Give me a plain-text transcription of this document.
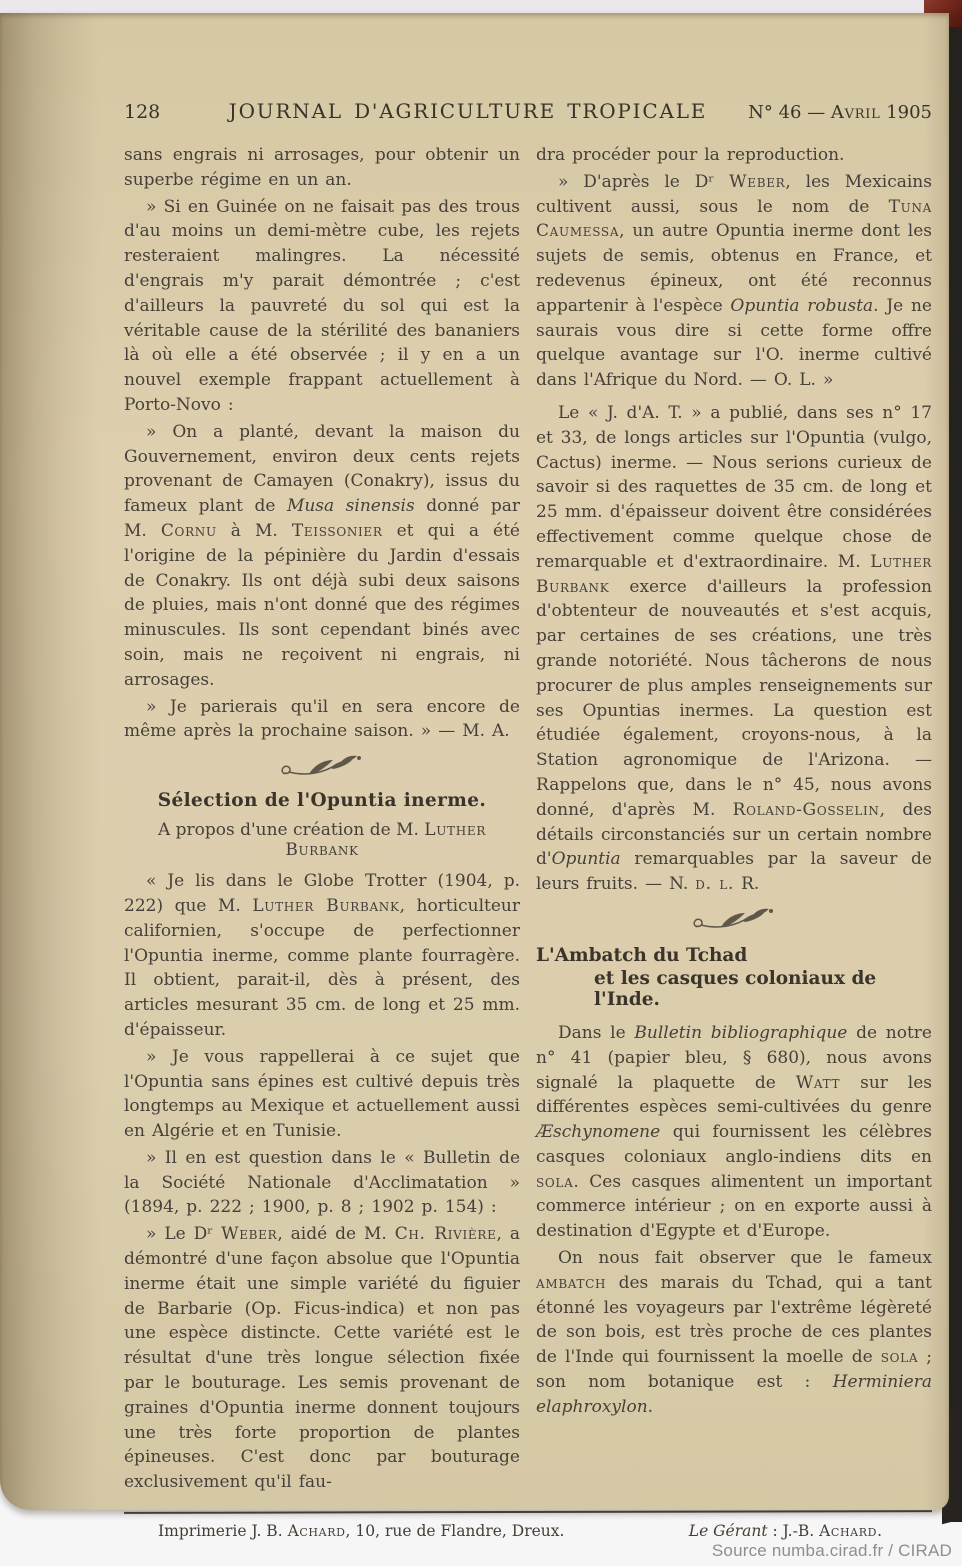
128	JOURNAL D'AGRICULTURE TROPICALE	N° 46 — Avril 1905

sans engrais ni arrosages, pour obtenir un superbe régime en un an.

» Si en Guinée on ne faisait pas des trous d'au moins un demi-mètre cube, les rejets resteraient malingres. La nécessité d'engrais m'y parait démontrée ; c'est d'ailleurs la pauvreté du sol qui est la véritable cause de la stérilité des bananiers là où elle a été observée ; il y en a un nouvel exemple frappant actuellement à Porto-Novo :

» On a planté, devant la maison du Gouvernement, environ deux cents rejets provenant de Camayen (Conakry), issus du fameux plant de Musa sinensis donné par M. Cornu à M. Teissonier et qui a été l'origine de la pépinière du Jardin d'essais de Conakry. Ils ont déjà subi deux saisons de pluies, mais n'ont donné que des régimes minuscules. Ils sont cependant binés avec soin, mais ne reçoivent ni engrais, ni arrosages.

» Je parierais qu'il en sera encore de même après la prochaine saison. » — M. A.

Sélection de l'Opuntia inerme.

A propos d'une création de M. Luther Burbank

« Je lis dans le Globe Trotter (1904, p. 222) que M. Luther Burbank, horticulteur californien, s'occupe de perfectionner l'Opuntia inerme, comme plante fourragère. Il obtient, parait-il, dès à présent, des articles mesurant 35 cm. de long et 25 mm. d'épaisseur.

» Je vous rappellerai à ce sujet que l'Opuntia sans épines est cultivé depuis très longtemps au Mexique et actuellement aussi en Algérie et en Tunisie.

» Il en est question dans le « Bulletin de la Société Nationale d'Acclimatation » (1894, p. 222 ; 1900, p. 8 ; 1902 p. 154) :

» Le Dʳ Weber, aidé de M. Ch. Rivière, a démontré d'une façon absolue que l'Opuntia inerme était une simple variété du figuier de Barbarie (Op. Ficus-indica) et non pas une espèce distincte. Cette variété est le résultat d'une très longue sélection fixée par le bouturage. Les semis provenant de graines d'Opuntia inerme donnent toujours une très forte proportion de plantes épineuses. C'est donc par bouturage exclusivement qu'il fau-

dra procéder pour la reproduction.

» D'après le Dʳ Weber, les Mexicains cultivent aussi, sous le nom de Tuna Caumessa, un autre Opuntia inerme dont les sujets de semis, obtenus en France, et redevenus épineux, ont été reconnus appartenir à l'espèce Opuntia robusta. Je ne saurais vous dire si cette forme offre quelque avantage sur l'O. inerme cultivé dans l'Afrique du Nord. — O. L. »

Le « J. d'A. T. » a publié, dans ses n° 17 et 33, de longs articles sur l'Opuntia (vulgo, Cactus) inerme. — Nous serions curieux de savoir si des raquettes de 35 cm. de long et 25 mm. d'épaisseur doivent être considérées effectivement comme quelque chose de remarquable et d'extraordinaire. M. Luther Burbank exerce d'ailleurs la profession d'obtenteur de nouveautés et s'est acquis, par certaines de ses créations, une très grande notoriété. Nous tâcherons de nous procurer de plus amples renseignements sur ses Opuntias inermes. La question est étudiée également, croyons-nous, à la Station agronomique de l'Arizona. — Rappelons que, dans le n° 45, nous avons donné, d'après M. Roland-Gosselin, des détails circonstanciés sur un certain nombre d'Opuntia remarquables par la saveur de leurs fruits. — N. d. l. R.

L'Ambatch du Tchad
et les casques coloniaux de l'Inde.

Dans le Bulletin bibliographique de notre n° 41 (papier bleu, § 680), nous avons signalé la plaquette de Watt sur les différentes espèces semi-cultivées du genre Æschynomene qui fournissent les célèbres casques coloniaux anglo-indiens dits en sola. Ces casques alimentent un important commerce intérieur ; on en exporte aussi à destination d'Egypte et d'Europe.

On nous fait observer que le fameux ambatch des marais du Tchad, qui a tant étonné les voyageurs par l'extrême légèreté de son bois, est très proche de ces plantes de l'Inde qui fournissent la moelle de sola ; son nom botanique est : Herminiera elaphroxylon.

Imprimerie J. B. Achard, 10, rue de Flandre, Dreux.	Le Gérant : J.-B. Achard.
Source numba.cirad.fr / CIRAD
